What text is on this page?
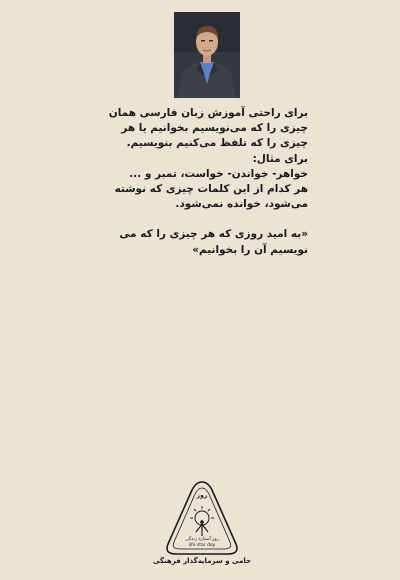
برای راحتی آموزش زبان فارسی همان چیزی را که می‌نویسیم بخوانیم یا هر چیزی را که تلفظ می‌کنیم بنویسیم.

برای مثال:

خواهر- خواندن- خواست، تمبر و ...

هر کدام از این کلمات چیزی که نوشته می‌شود، خوانده نمی‌شود.

«به امید روزی که هر چیزی را که می نویسیم آن را بخوانیم»

روز
روز آستاره زندگی
life star day
حامی و سرمایه‌گذار فرهنگی
